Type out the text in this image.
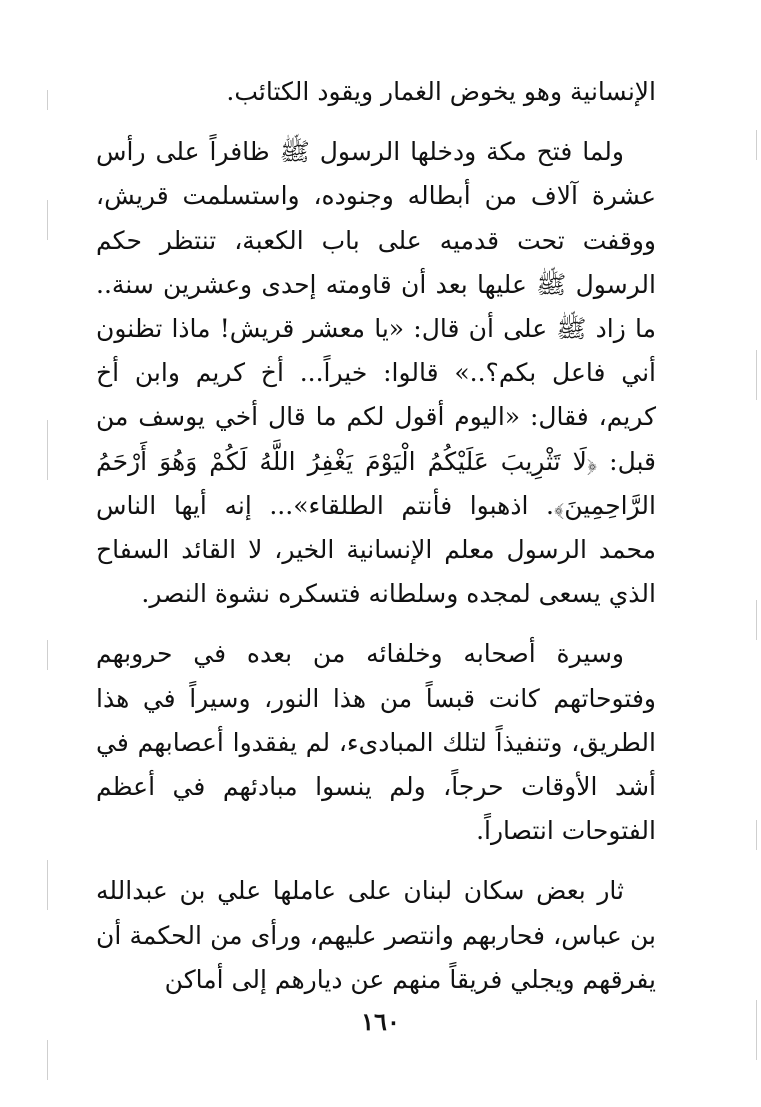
الإنسانية وهو يخوض الغمار ويقود الكتائب.

ولما فتح مكة ودخلها الرسول ﷺ ظافراً على رأس عشرة آلاف من أبطاله وجنوده، واستسلمت قريش، ووقفت تحت قدميه على باب الكعبة، تنتظر حكم الرسول ﷺ عليها بعد أن قاومته إحدى وعشرين سنة.. ما زاد ﷺ على أن قال: «يا معشر قريش! ماذا تظنون أني فاعل بكم؟..» قالوا: خيراً... أخ كريم وابن أخ كريم، فقال: «اليوم أقول لكم ما قال أخي يوسف من قبل: ﴿لَا تَثْرِيبَ عَلَيْكُمُ الْيَوْمَ يَغْفِرُ اللَّهُ لَكُمْ وَهُوَ أَرْحَمُ الرَّاحِمِينَ﴾. اذهبوا فأنتم الطلقاء»... إنه أيها الناس محمد الرسول معلم الإنسانية الخير، لا القائد السفاح الذي يسعى لمجده وسلطانه فتسكره نشوة النصر.

وسيرة أصحابه وخلفائه من بعده في حروبهم وفتوحاتهم كانت قبساً من هذا النور، وسيراً في هذا الطريق، وتنفيذاً لتلك المبادىء، لم يفقدوا أعصابهم في أشد الأوقات حرجاً، ولم ينسوا مبادئهم في أعظم الفتوحات انتصاراً.

ثار بعض سكان لبنان على عاملها علي بن عبدالله بن عباس، فحاربهم وانتصر عليهم، ورأى من الحكمة أن يفرقهم ويجلي فريقاً منهم عن ديارهم إلى أماكن

١٦٠
